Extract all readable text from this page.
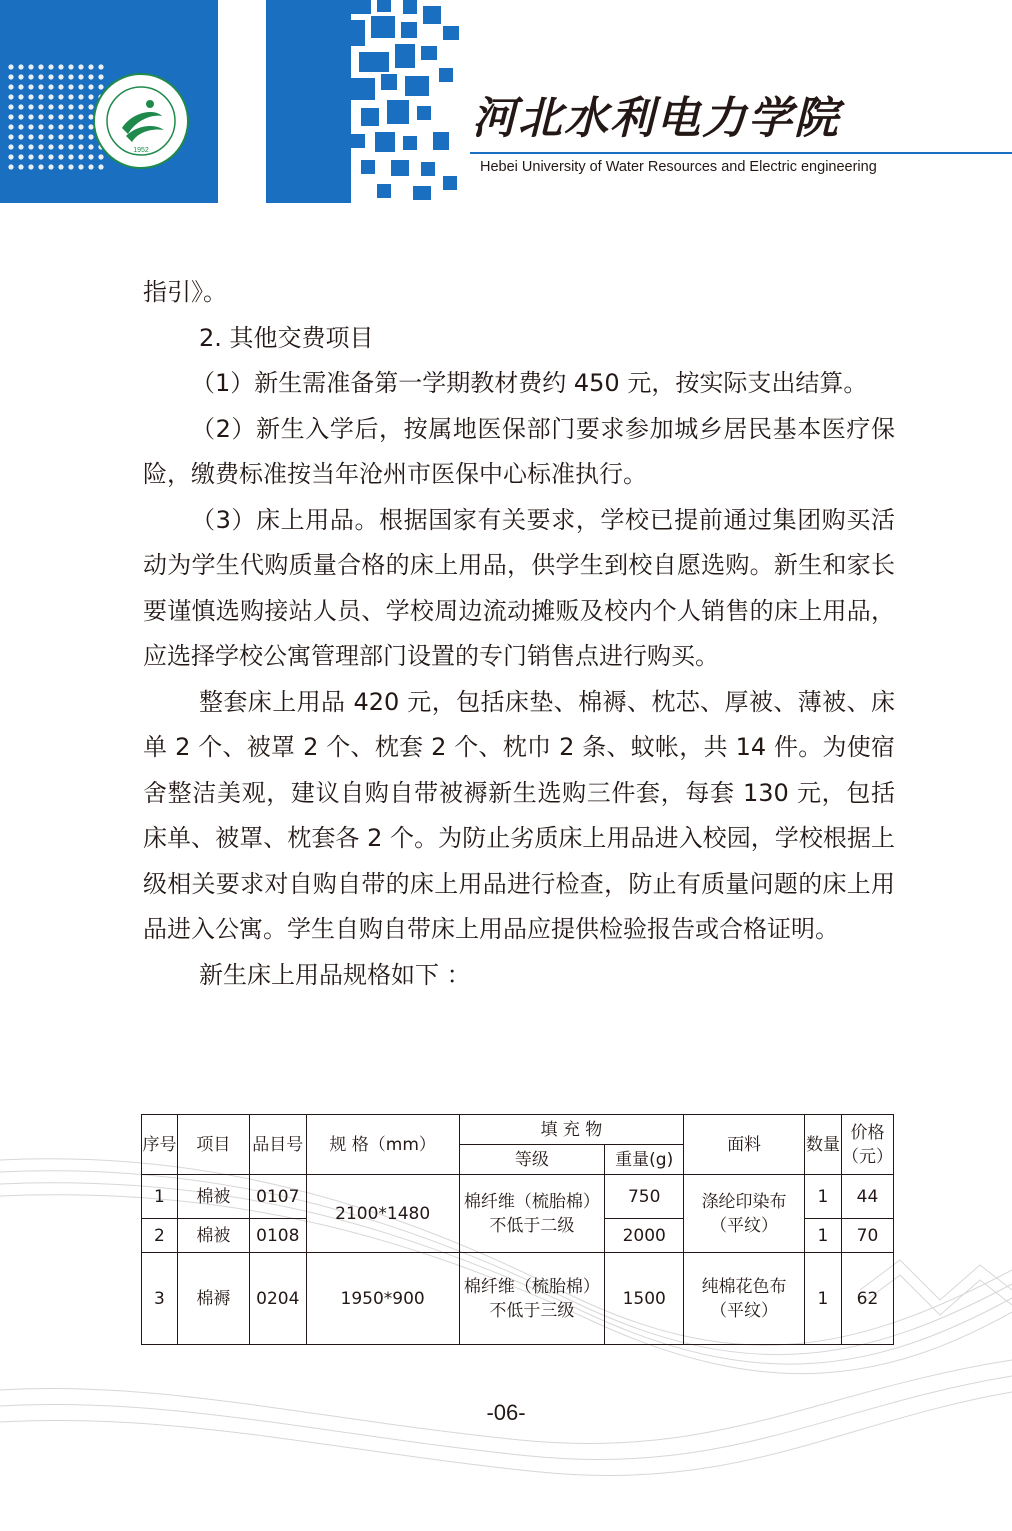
1952
河北水利电力学院
Hebei University of Water Resources and Electric engineering

指引》。

2. 其他交费项目

（1）新生需准备第一学期教材费约 450 元，按实际支出结算。

（2）新生入学后，按属地医保部门要求参加城乡居民基本医疗保险，缴费标准按当年沧州市医保中心标准执行。

（3）床上用品。根据国家有关要求，学校已提前通过集团购买活动为学生代购质量合格的床上用品，供学生到校自愿选购。新生和家长要谨慎选购接站人员、学校周边流动摊贩及校内个人销售的床上用品，应选择学校公寓管理部门设置的专门销售点进行购买。

整套床上用品 420 元，包括床垫、棉褥、枕芯、厚被、薄被、床单 2 个、被罩 2 个、枕套 2 个、枕巾 2 条、蚊帐，共 14 件。为使宿舍整洁美观，建议自购自带被褥新生选购三件套，每套 130 元，包括床单、被罩、枕套各 2 个。为防止劣质床上用品进入校园，学校根据上级相关要求对自购自带的床上用品进行检查，防止有质量问题的床上用品进入公寓。学生自购自带床上用品应提供检验报告或合格证明。

新生床上用品规格如下 ：

序号	项目	品目号	规 格（mm）	填 充 物		面料	数量	价格（元）
				等级	重量(g)			
1	棉被	0107	2100*1480	棉纤维（梳胎棉）不低于二级	750	涤纶印染布（平纹）	1	44
2	棉被	0108			2000		1	70
3	棉褥	0204	1950*900	棉纤维（梳胎棉）不低于三级	1500	纯棉花色布（平纹）	1	62
-06-
